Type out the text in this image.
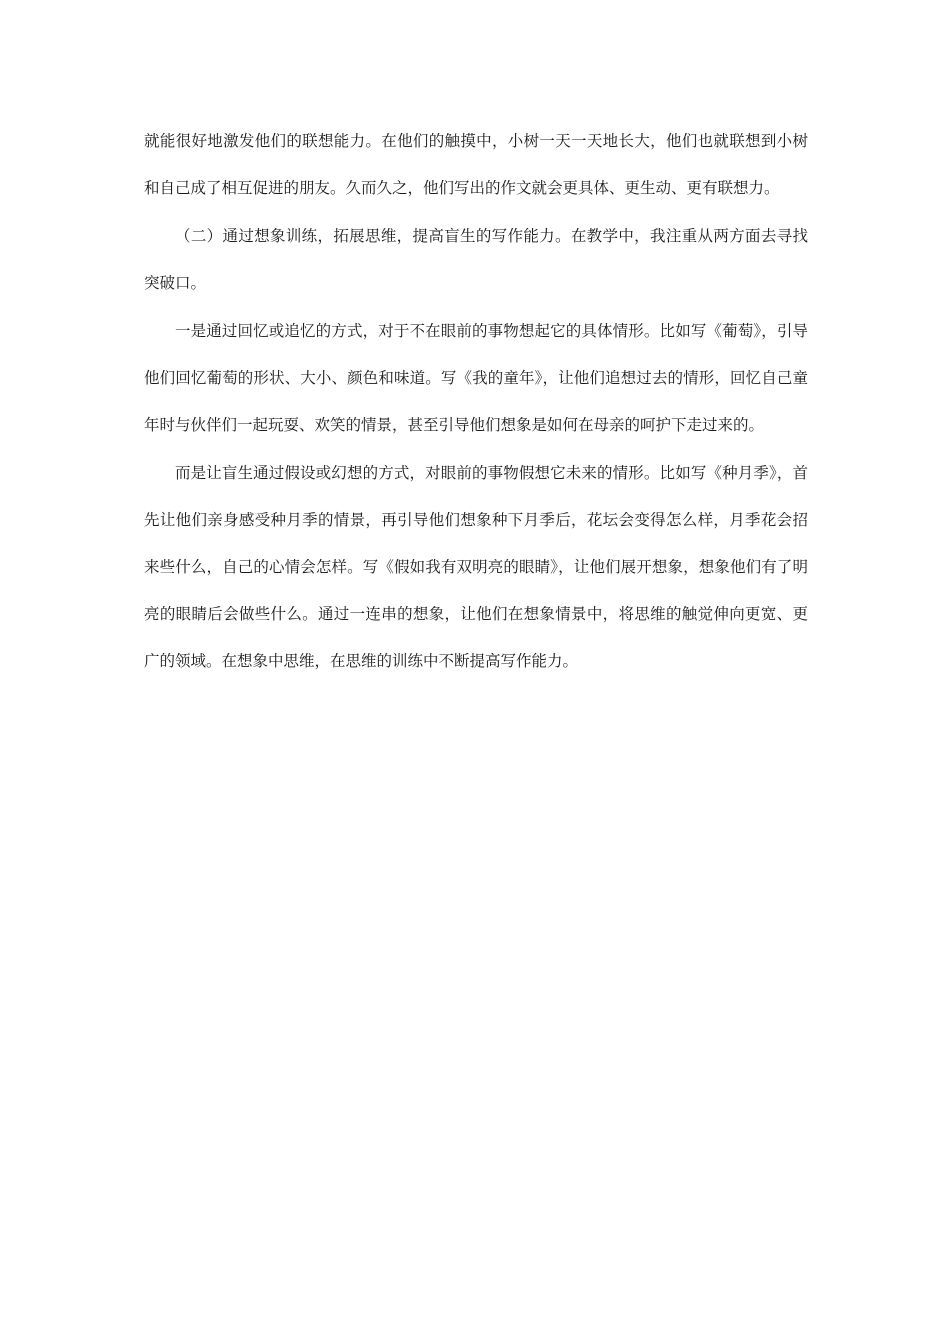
就能很好地激发他们的联想能力。在他们的触摸中，小树一天一天地长大，他们也就联想到小树和自己成了相互促进的朋友。久而久之，他们写出的作文就会更具体、更生动、更有联想力。

（二）通过想象训练，拓展思维，提高盲生的写作能力。在教学中，我注重从两方面去寻找突破口。

一是通过回忆或追忆的方式，对于不在眼前的事物想起它的具体情形。比如写《葡萄》，引导他们回忆葡萄的形状、大小、颜色和味道。写《我的童年》，让他们追想过去的情形，回忆自己童年时与伙伴们一起玩耍、欢笑的情景，甚至引导他们想象是如何在母亲的呵护下走过来的。

而是让盲生通过假设或幻想的方式，对眼前的事物假想它未来的情形。比如写《种月季》，首先让他们亲身感受种月季的情景，再引导他们想象种下月季后，花坛会变得怎么样，月季花会招来些什么，自己的心情会怎样。写《假如我有双明亮的眼睛》，让他们展开想象，想象他们有了明亮的眼睛后会做些什么。通过一连串的想象，让他们在想象情景中，将思维的触觉伸向更宽、更广的领域。在想象中思维，在思维的训练中不断提高写作能力。
